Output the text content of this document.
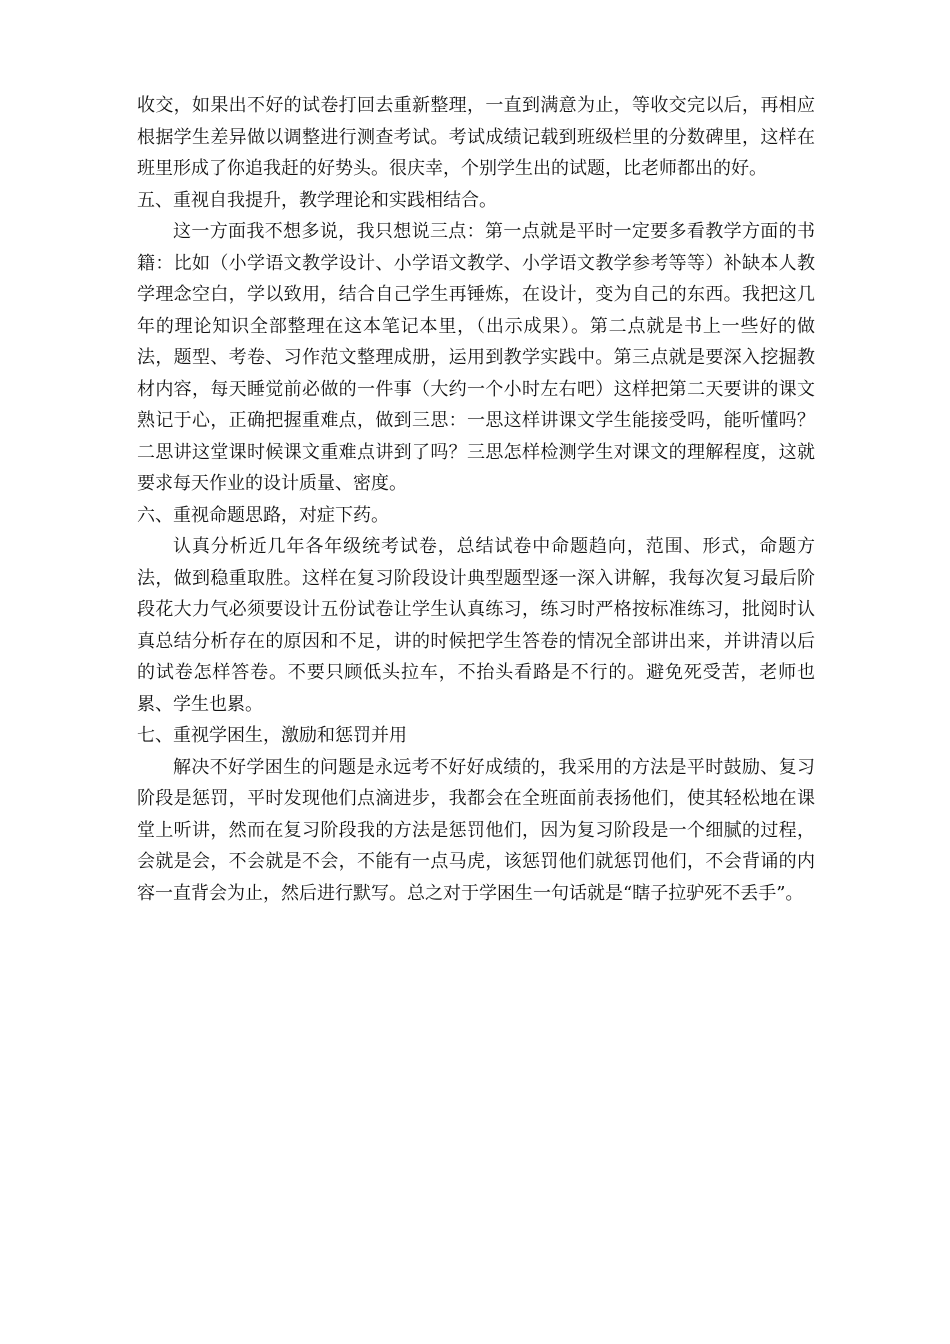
收交，如果出不好的试卷打回去重新整理，一直到满意为止，等收交完以后，再相应根据学生差异做以调整进行测查考试。考试成绩记载到班级栏里的分数碑里，这样在班里形成了你追我赶的好势头。很庆幸，个别学生出的试题，比老师都出的好。

五、重视自我提升，教学理论和实践相结合。

这一方面我不想多说，我只想说三点：第一点就是平时一定要多看教学方面的书籍：比如（小学语文教学设计、小学语文教学、小学语文教学参考等等）补缺本人教学理念空白，学以致用，结合自己学生再锤炼，在设计，变为自己的东西。我把这几年的理论知识全部整理在这本笔记本里，（出示成果）。第二点就是书上一些好的做法，题型、考卷、习作范文整理成册，运用到教学实践中。第三点就是要深入挖掘教材内容，每天睡觉前必做的一件事（大约一个小时左右吧）这样把第二天要讲的课文熟记于心，正确把握重难点，做到三思：一思这样讲课文学生能接受吗，能听懂吗？二思讲这堂课时候课文重难点讲到了吗？三思怎样检测学生对课文的理解程度，这就要求每天作业的设计质量、密度。

六、重视命题思路，对症下药。

认真分析近几年各年级统考试卷，总结试卷中命题趋向，范围、形式，命题方法，做到稳重取胜。这样在复习阶段设计典型题型逐一深入讲解，我每次复习最后阶段花大力气必须要设计五份试卷让学生认真练习，练习时严格按标准练习，批阅时认真总结分析存在的原因和不足，讲的时候把学生答卷的情况全部讲出来，并讲清以后的试卷怎样答卷。不要只顾低头拉车，不抬头看路是不行的。避免死受苦，老师也累、学生也累。

七、重视学困生，激励和惩罚并用

解决不好学困生的问题是永远考不好好成绩的，我采用的方法是平时鼓励、复习阶段是惩罚，平时发现他们点滴进步，我都会在全班面前表扬他们，使其轻松地在课堂上听讲，然而在复习阶段我的方法是惩罚他们，因为复习阶段是一个细腻的过程，会就是会，不会就是不会，不能有一点马虎，该惩罚他们就惩罚他们，不会背诵的内容一直背会为止，然后进行默写。总之对于学困生一句话就是“瞎子拉驴死不丢手”。
